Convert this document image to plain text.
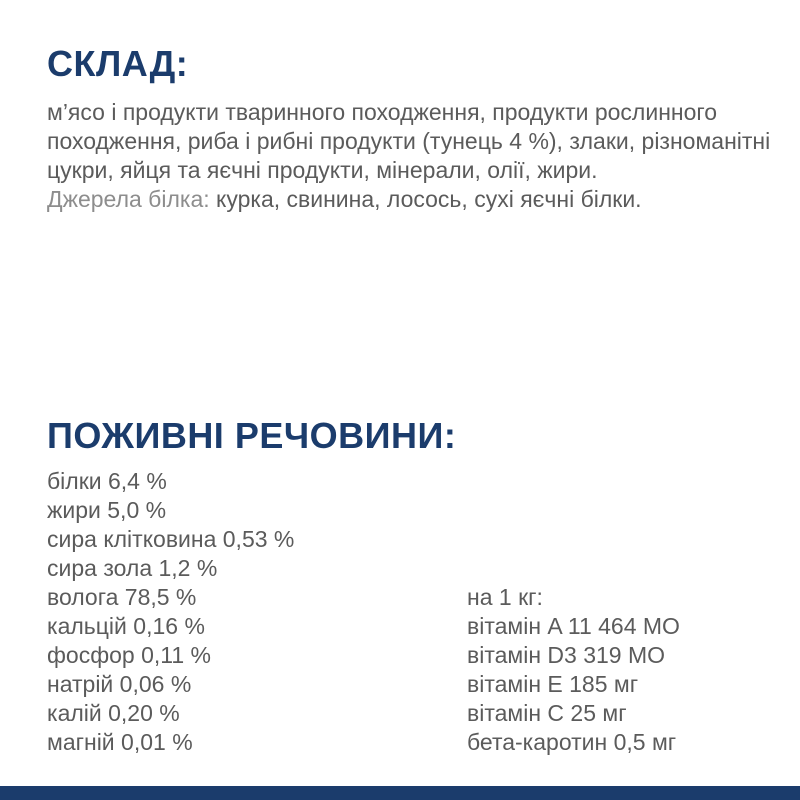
СКЛАД:

м’ясо і продукти тваринного походження, продукти рослинного походження, риба і рибні продукти (тунець 4 %), злаки, різноманітні цукри, яйця та яєчні продукти, мінерали, олії, жири.

Джерела білка: курка, свинина, лосось, сухі яєчні білки.

ПОЖИВНІ РЕЧОВИНИ:
білки 6,4 %
жири 5,0 %
сира клітковина 0,53 %
сира зола 1,2 %
волога 78,5 %
кальцій 0,16 %
фосфор 0,11 %
натрій 0,06 %
калій 0,20 %
магній 0,01 %
на 1 кг:
вітамін A 11 464 МО
вітамін D3 319 МО
вітамін E 185 мг
вітамін C 25 мг
бета-каротин 0,5 мг
